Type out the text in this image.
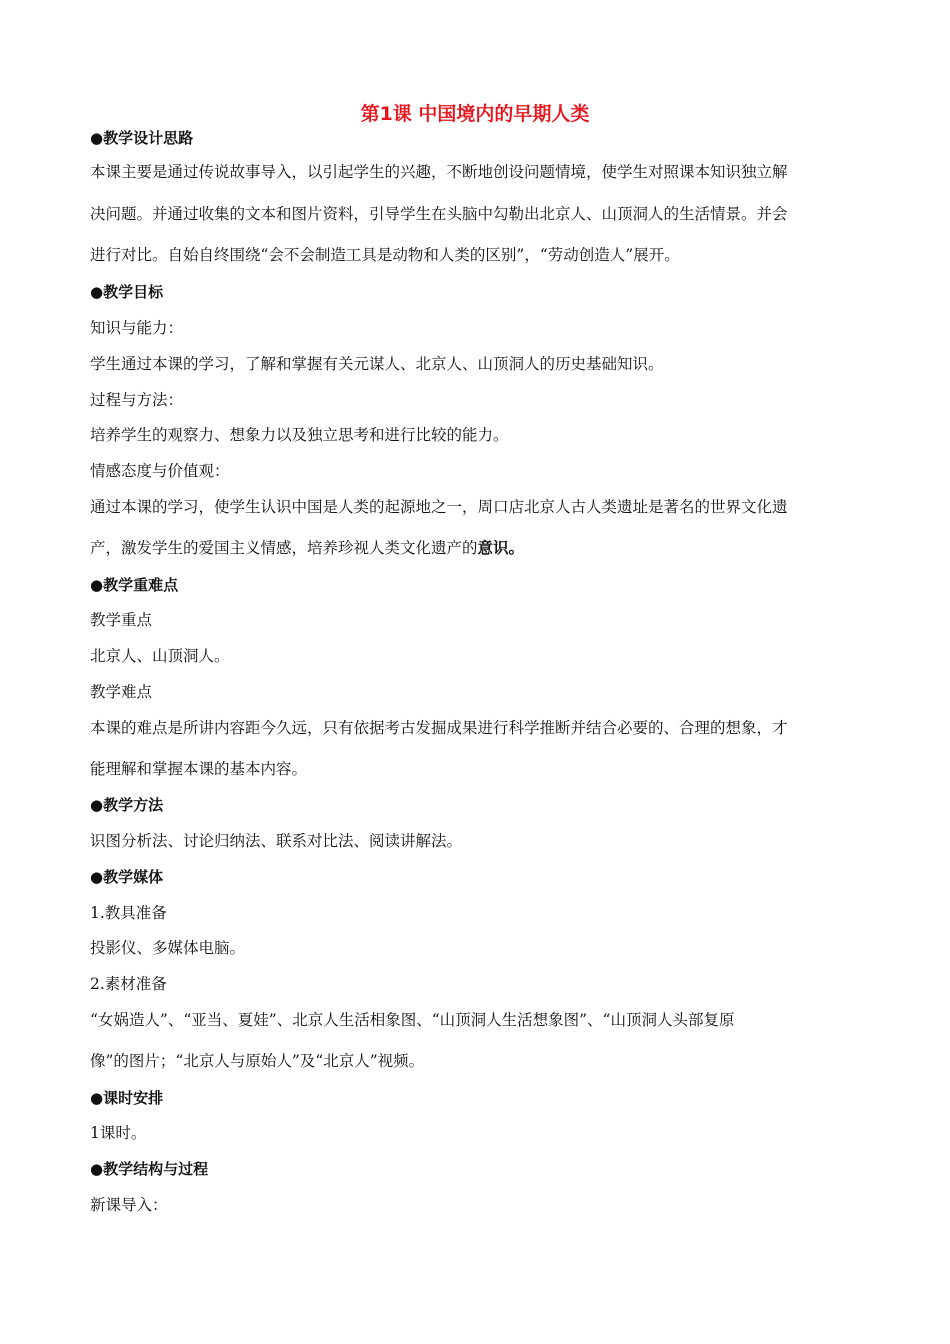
第1课 中国境内的早期人类
●教学设计思路
本课主要是通过传说故事导入，以引起学生的兴趣，不断地创设问题情境，使学生对照课本知识独立解
决问题。并通过收集的文本和图片资料，引导学生在头脑中勾勒出北京人、山顶洞人的生活情景。并会
进行对比。自始自终围绕“会不会制造工具是动物和人类的区别”，“劳动创造人”展开。
●教学目标
知识与能力：
学生通过本课的学习，了解和掌握有关元谋人、北京人、山顶洞人的历史基础知识。
过程与方法：
培养学生的观察力、想象力以及独立思考和进行比较的能力。
情感态度与价值观：
通过本课的学习，使学生认识中国是人类的起源地之一，周口店北京人古人类遗址是著名的世界文化遗
产，激发学生的爱国主义情感，培养珍视人类文化遗产的意识。
●教学重难点
教学重点
北京人、山顶洞人。
教学难点
本课的难点是所讲内容距今久远，只有依据考古发掘成果进行科学推断并结合必要的、合理的想象，才
能理解和掌握本课的基本内容。
●教学方法
识图分析法、讨论归纳法、联系对比法、阅读讲解法。
●教学媒体
1.教具准备
投影仪、多媒体电脑。
2.素材准备
“女娲造人”、“亚当、夏娃”、北京人生活相象图、“山顶洞人生活想象图”、“山顶洞人头部复原
像”的图片；“北京人与原始人”及“北京人”视频。
●课时安排
1课时。
●教学结构与过程
新课导入：
